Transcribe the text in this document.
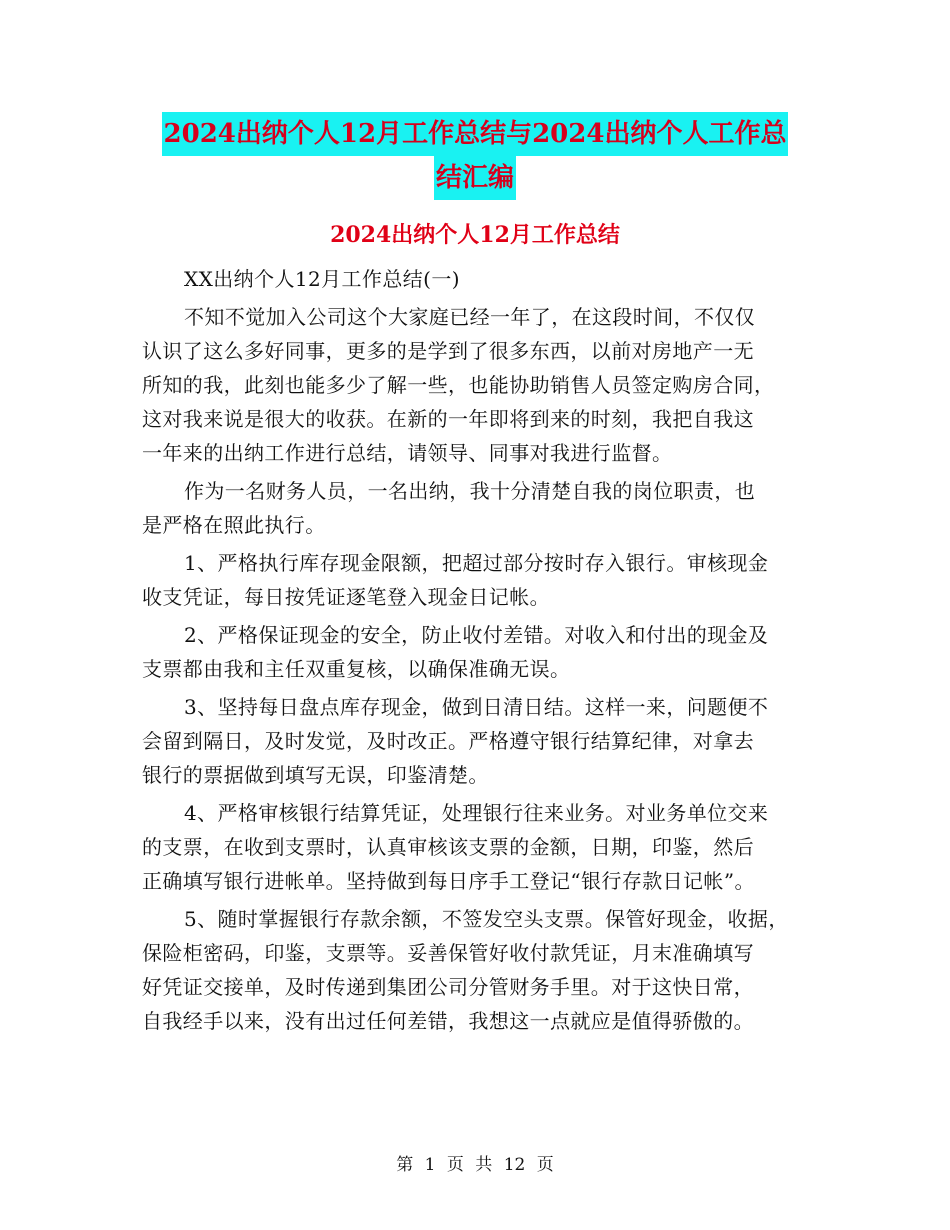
2024出纳个人12月工作总结与2024出纳个人工作总
结汇编
2024出纳个人12月工作总结
XX出纳个人12月工作总结(一)
不知不觉加入公司这个大家庭已经一年了，在这段时间，不仅仅
认识了这么多好同事，更多的是学到了很多东西，以前对房地产一无
所知的我，此刻也能多少了解一些，也能协助销售人员签定购房合同，
这对我来说是很大的收获。在新的一年即将到来的时刻，我把自我这
一年来的出纳工作进行总结，请领导、同事对我进行监督。
作为一名财务人员，一名出纳，我十分清楚自我的岗位职责，也
是严格在照此执行。
1、严格执行库存现金限额，把超过部分按时存入银行。审核现金
收支凭证，每日按凭证逐笔登入现金日记帐。
2、严格保证现金的安全，防止收付差错。对收入和付出的现金及
支票都由我和主任双重复核，以确保准确无误。
3、坚持每日盘点库存现金，做到日清日结。这样一来，问题便不
会留到隔日，及时发觉，及时改正。严格遵守银行结算纪律，对拿去
银行的票据做到填写无误，印鉴清楚。
4、严格审核银行结算凭证，处理银行往来业务。对业务单位交来
的支票，在收到支票时，认真审核该支票的金额，日期，印鉴，然后
正确填写银行进帐单。坚持做到每日序手工登记“银行存款日记帐”。
5、随时掌握银行存款余额，不签发空头支票。保管好现金，收据，
保险柜密码，印鉴，支票等。妥善保管好收付款凭证，月末准确填写
好凭证交接单，及时传递到集团公司分管财务手里。对于这快日常，
自我经手以来，没有出过任何差错，我想这一点就应是值得骄傲的。
第 1 页 共 12 页
